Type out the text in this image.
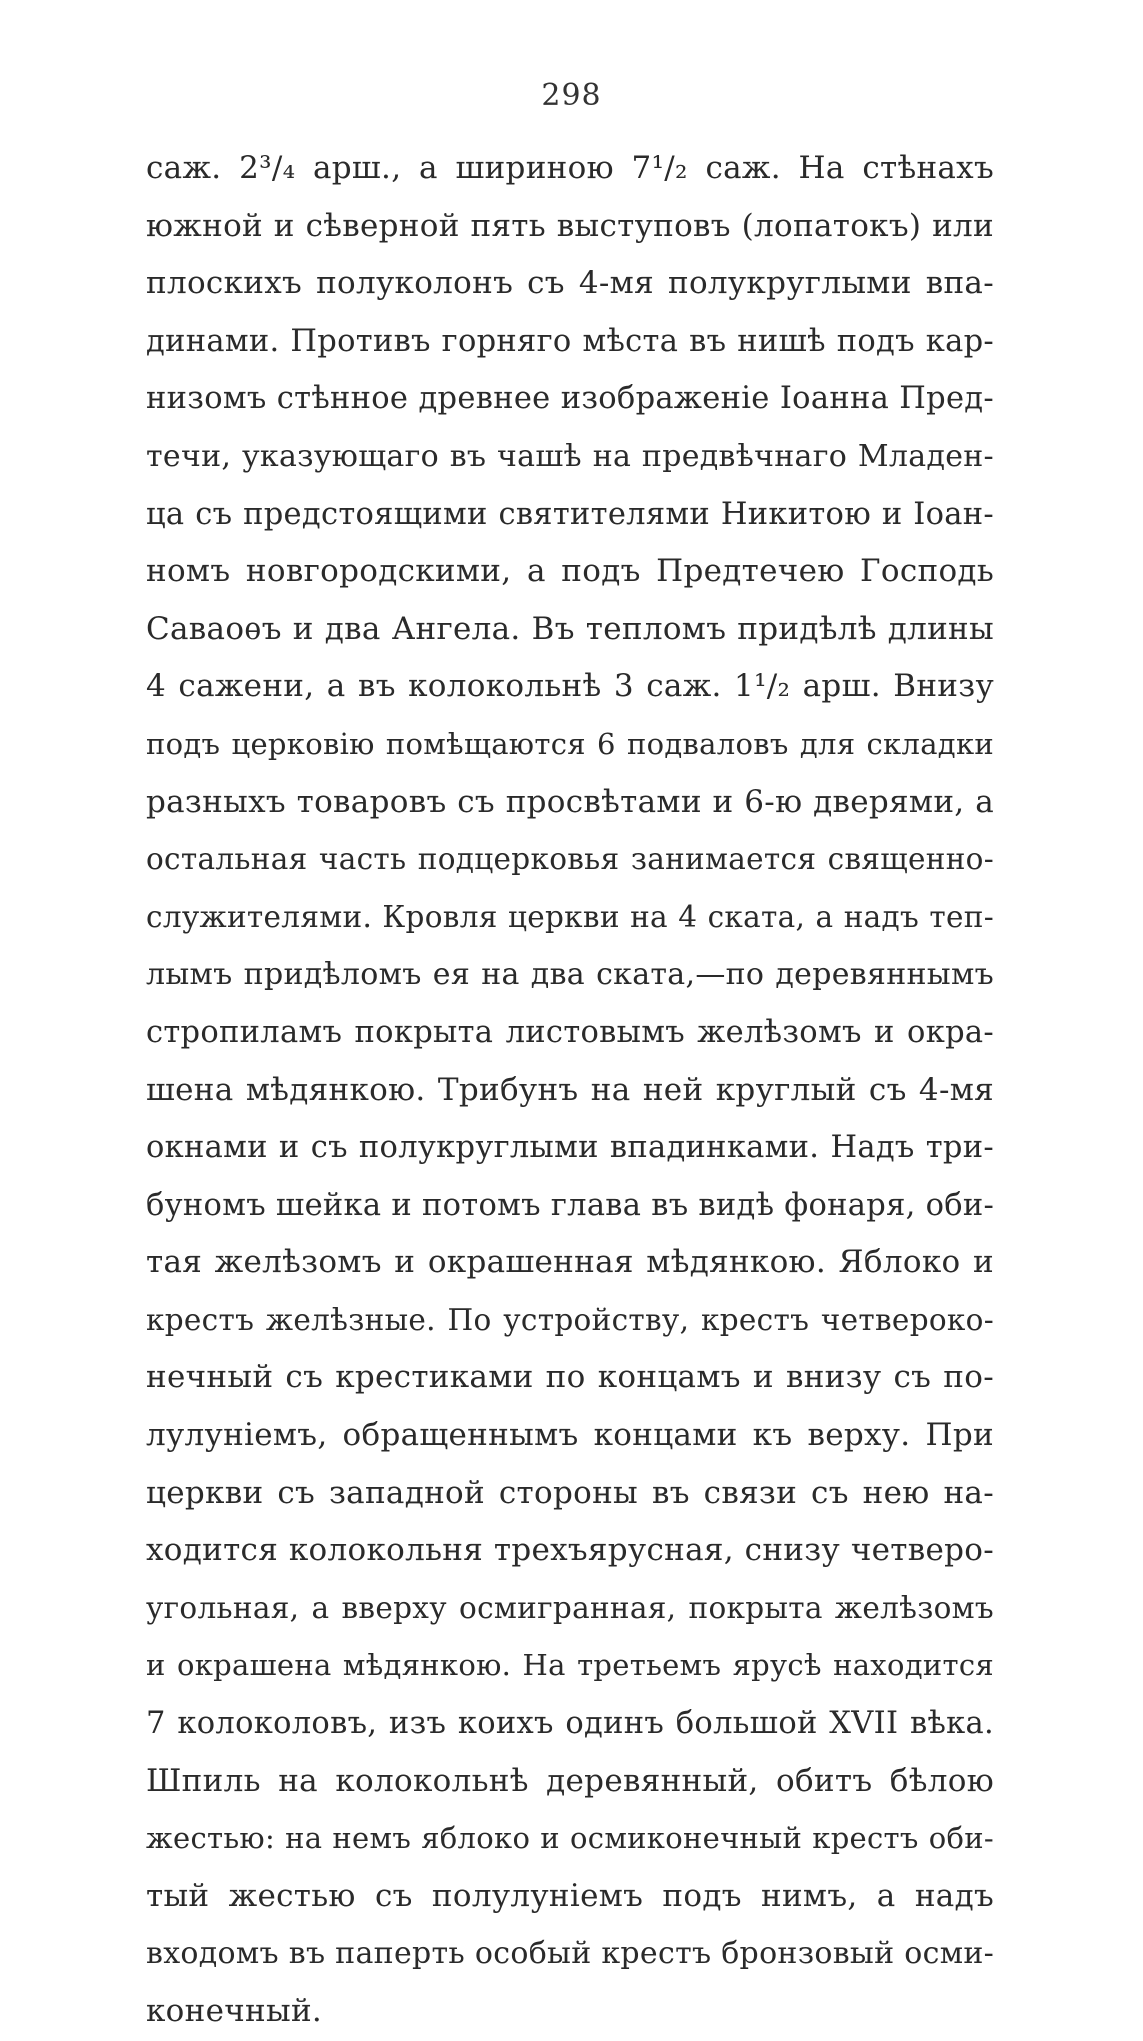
298
саж. 2³/₄ арш., а шириною 7¹/₂ саж. На стѣнахъ
южной и сѣверной пять выступовъ (лопатокъ) или
плоскихъ полуколонъ съ 4-мя полукруглыми впа-
динами. Противъ горняго мѣста въ нишѣ подъ кар-
низомъ стѣнное древнее изображеніе Іоанна Пред-
течи, указующаго въ чашѣ на предвѣчнаго Младен-
ца съ предстоящими святителями Никитою и Іоан-
номъ новгородскими, а подъ Предтечею Господь
Саваоѳъ и два Ангела. Въ тепломъ придѣлѣ длины
4 сажени, а въ колокольнѣ 3 саж. 1¹/₂ арш. Внизу
подъ церковію помѣщаются 6 подваловъ для складки
разныхъ товаровъ съ просвѣтами и 6-ю дверями, а
остальная часть подцерковья занимается священно-
служителями. Кровля церкви на 4 ската, а надъ теп-
лымъ придѣломъ ея на два ската,—по деревяннымъ
стропиламъ покрыта листовымъ желѣзомъ и окра-
шена мѣдянкою. Трибунъ на ней круглый съ 4-мя
окнами и съ полукруглыми впадинками. Надъ три-
буномъ шейка и потомъ глава въ видѣ фонаря, оби-
тая желѣзомъ и окрашенная мѣдянкою. Яблоко и
крестъ желѣзные. По устройству, крестъ четвероко-
нечный съ крестиками по концамъ и внизу съ по-
лулуніемъ, обращеннымъ концами къ верху. При
церкви съ западной стороны въ связи съ нею на-
ходится колокольня трехъярусная, снизу четверо-
угольная, а вверху осмигранная, покрыта желѣзомъ
и окрашена мѣдянкою. На третьемъ ярусѣ находится
7 колоколовъ, изъ коихъ одинъ большой XVII вѣка.
Шпиль на колокольнѣ деревянный, обитъ бѣлою
жестью: на немъ яблоко и осмиконечный крестъ оби-
тый жестью съ полулуніемъ подъ нимъ, а надъ
входомъ въ паперть особый крестъ бронзовый осми-
конечный.
